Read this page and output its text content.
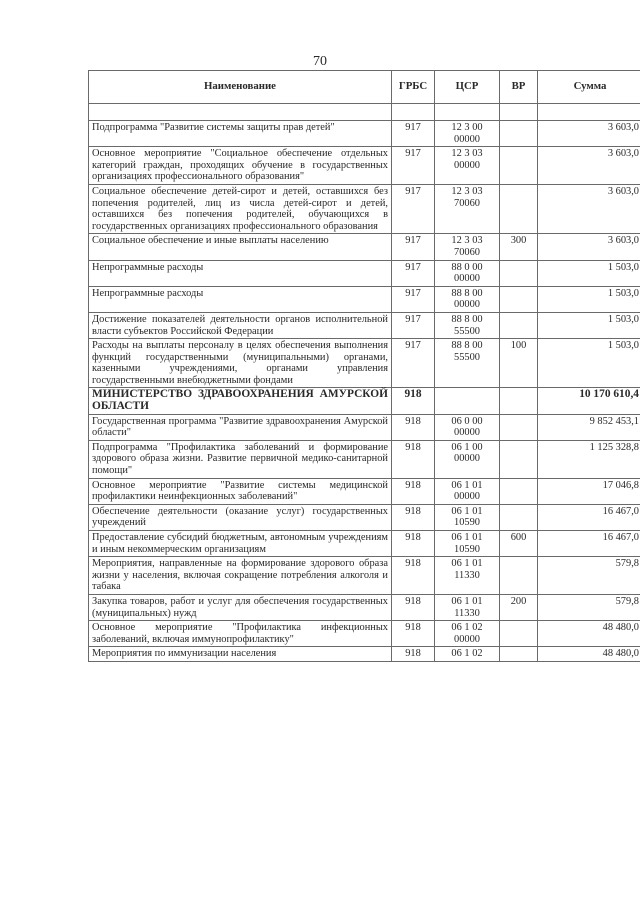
70
Наименование	ГРБС	ЦСР	ВР	Сумма

Подпрограмма "Развитие системы защиты прав детей"	917	12 3 00 00000		3 603,0
Основное мероприятие "Социальное обеспечение отдельных категорий граждан, проходящих обучение в государственных организациях профессионального образования"	917	12 3 03 00000		3 603,0
Социальное обеспечение детей-сирот и детей, оставшихся без попечения родителей, лиц из числа детей-сирот и детей, оставшихся без попечения родителей, обучающихся в государственных организациях профессионального образования	917	12 3 03 70060		3 603,0
Социальное обеспечение и иные выплаты населению	917	12 3 03 70060	300	3 603,0
Непрограммные расходы	917	88 0 00 00000		1 503,0
Непрограммные расходы	917	88 8 00 00000		1 503,0
Достижение показателей деятельности органов исполнительной власти субъектов Российской Федерации	917	88 8 00 55500		1 503,0
Расходы на выплаты персоналу в целях обеспечения выполнения функций государственными (муниципальными) органами, казенными учреждениями, органами управления государственными внебюджетными фондами	917	88 8 00 55500	100	1 503,0
МИНИСТЕРСТВО ЗДРАВООХРАНЕНИЯ АМУРСКОЙ ОБЛАСТИ	918			10 170 610,4
Государственная программа "Развитие здравоохранения Амурской области"	918	06 0 00 00000		9 852 453,1
Подпрограмма "Профилактика заболеваний и формирование здорового образа жизни. Развитие первичной медико-санитарной помощи"	918	06 1 00 00000		1 125 328,8
Основное мероприятие "Развитие системы медицинской профилактики неинфекционных заболеваний"	918	06 1 01 00000		17 046,8
Обеспечение деятельности (оказание услуг) государственных учреждений	918	06 1 01 10590		16 467,0
Предоставление субсидий бюджетным, автономным учреждениям и иным некоммерческим организациям	918	06 1 01 10590	600	16 467,0
Мероприятия, направленные на формирование здорового образа жизни у населения, включая сокращение потребления алкоголя и табака	918	06 1 01 11330		579,8
Закупка товаров, работ и услуг для обеспечения государственных (муниципальных) нужд	918	06 1 01 11330	200	579,8
Основное мероприятие "Профилактика инфекционных заболеваний, включая иммунопрофилактику"	918	06 1 02 00000		48 480,0
Мероприятия по иммунизации населения	918	06 1 02		48 480,0
